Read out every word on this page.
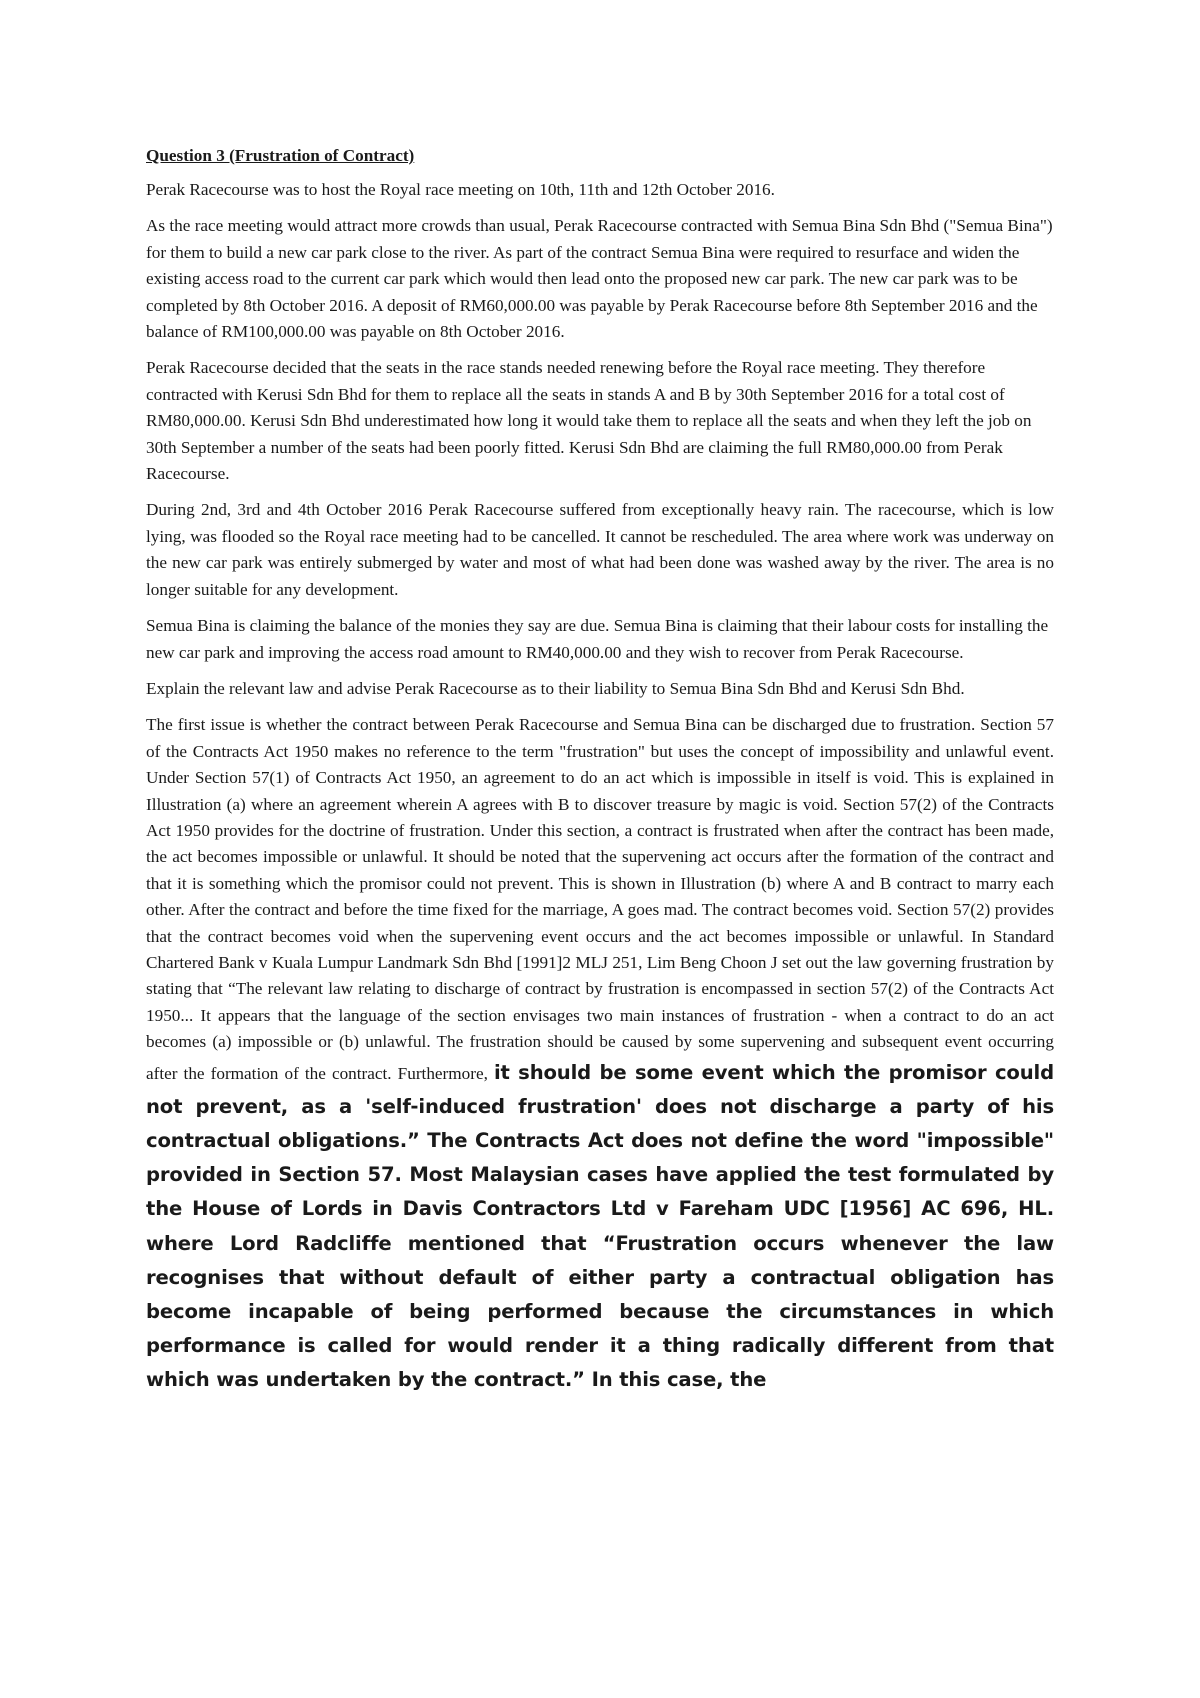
Question 3 (Frustration of Contract)

Perak Racecourse was to host the Royal race meeting on 10th, 11th and 12th October 2016.

As the race meeting would attract more crowds than usual, Perak Racecourse contracted with Semua Bina Sdn Bhd ("Semua Bina") for them to build a new car park close to the river. As part of the contract Semua Bina were required to resurface and widen the existing access road to the current car park which would then lead onto the proposed new car park. The new car park was to be completed by 8th October 2016. A deposit of RM60,000.00 was payable by Perak Racecourse before 8th September 2016 and the balance of RM100,000.00 was payable on 8th October 2016.

Perak Racecourse decided that the seats in the race stands needed renewing before the Royal race meeting. They therefore contracted with Kerusi Sdn Bhd for them to replace all the seats in stands A and B by 30th September 2016 for a total cost of RM80,000.00. Kerusi Sdn Bhd underestimated how long it would take them to replace all the seats and when they left the job on 30th September a number of the seats had been poorly fitted. Kerusi Sdn Bhd are claiming the full RM80,000.00 from Perak Racecourse.

During 2nd, 3rd and 4th October 2016 Perak Racecourse suffered from exceptionally heavy rain. The racecourse, which is low lying, was flooded so the Royal race meeting had to be cancelled. It cannot be rescheduled. The area where work was underway on the new car park was entirely submerged by water and most of what had been done was washed away by the river. The area is no longer suitable for any development.

Semua Bina is claiming the balance of the monies they say are due. Semua Bina is claiming that their labour costs for installing the new car park and improving the access road amount to RM40,000.00 and they wish to recover from Perak Racecourse.

Explain the relevant law and advise Perak Racecourse as to their liability to Semua Bina Sdn Bhd and Kerusi Sdn Bhd.

The first issue is whether the contract between Perak Racecourse and Semua Bina can be discharged due to frustration. Section 57 of the Contracts Act 1950 makes no reference to the term "frustration" but uses the concept of impossibility and unlawful event. Under Section 57(1) of Contracts Act 1950, an agreement to do an act which is impossible in itself is void. This is explained in Illustration (a) where an agreement wherein A agrees with B to discover treasure by magic is void. Section 57(2) of the Contracts Act 1950 provides for the doctrine of frustration. Under this section, a contract is frustrated when after the contract has been made, the act becomes impossible or unlawful. It should be noted that the supervening act occurs after the formation of the contract and that it is something which the promisor could not prevent. This is shown in Illustration (b) where A and B contract to marry each other. After the contract and before the time fixed for the marriage, A goes mad. The contract becomes void. Section 57(2) provides that the contract becomes void when the supervening event occurs and the act becomes impossible or unlawful. In Standard Chartered Bank v Kuala Lumpur Landmark Sdn Bhd [1991]2 MLJ 251, Lim Beng Choon J set out the law governing frustration by stating that “The relevant law relating to discharge of contract by frustration is encompassed in section 57(2) of the Contracts Act 1950... It appears that the language of the section envisages two main instances of frustration - when a contract to do an act becomes (a) impossible or (b) unlawful. The frustration should be caused by some supervening and subsequent event occurring after the formation of the contract. Furthermore, it should be some event which the promisor could not prevent, as a 'self-induced frustration' does not discharge a party of his contractual obligations.” The Contracts Act does not define the word "impossible" provided in Section 57. Most Malaysian cases have applied the test formulated by the House of Lords in Davis Contractors Ltd v Fareham UDC [1956] AC 696, HL. where Lord Radcliffe mentioned that “Frustration occurs whenever the law recognises that without default of either party a contractual obligation has become incapable of being performed because the circumstances in which performance is called for would render it a thing radically different from that which was undertaken by the contract.” In this case, the
